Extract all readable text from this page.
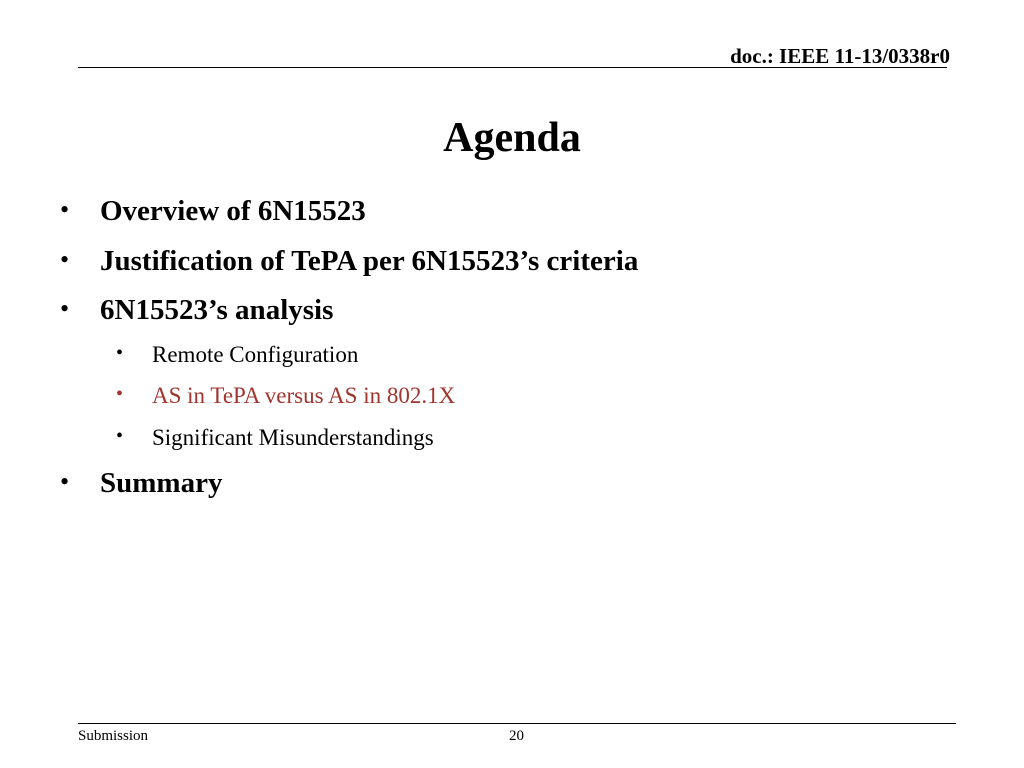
doc.: IEEE 11-13/0338r0
Agenda
• Overview of 6N15523
• Justification of TePA per 6N15523’s criteria
• 6N15523’s analysis
• Remote Configuration
• AS in TePA versus AS in 802.1X
• Significant Misunderstandings
• Summary
Submission	20
